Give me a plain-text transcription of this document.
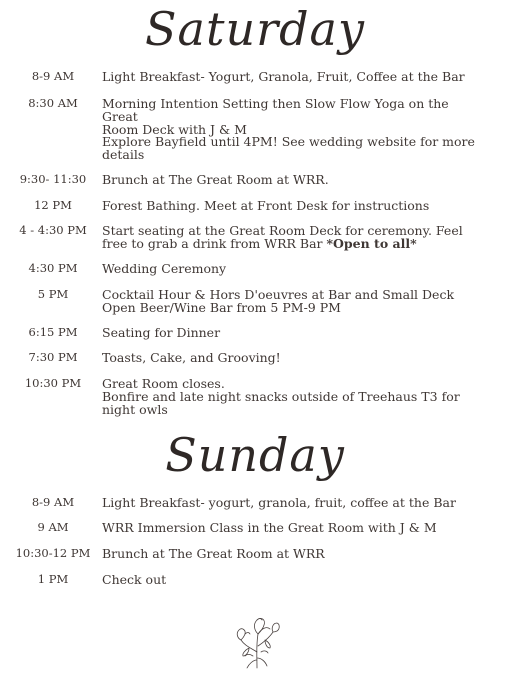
Saturday
8-9 AM	Light Breakfast- Yogurt, Granola, Fruit, Coffee at the Bar
8:30 AM	Morning Intention Setting then Slow Flow Yoga on the Great
Room Deck with J & M
Explore Bayfield until 4PM! See wedding website for more
details
9:30- 11:30	Brunch at The Great Room at WRR.
12 PM	Forest Bathing. Meet at Front Desk for instructions
4 - 4:30 PM	Start seating at the Great Room Deck for ceremony. Feel
free to grab a drink from WRR Bar *Open to all*
4:30 PM	Wedding Ceremony
5 PM	Cocktail Hour & Hors D'oeuvres at Bar and Small Deck
Open Beer/Wine Bar from 5 PM-9 PM
6:15 PM	Seating for Dinner
7:30 PM	Toasts, Cake, and Grooving!
10:30 PM	Great Room closes.
Bonfire and late night snacks outside of Treehaus T3 for
night owls
Sunday
8-9 AM	Light Breakfast- yogurt, granola, fruit, coffee at the Bar
9 AM	WRR Immersion Class in the Great Room with J & M
10:30-12 PM Brunch at The Great Room at WRR
1 PM	Check out
